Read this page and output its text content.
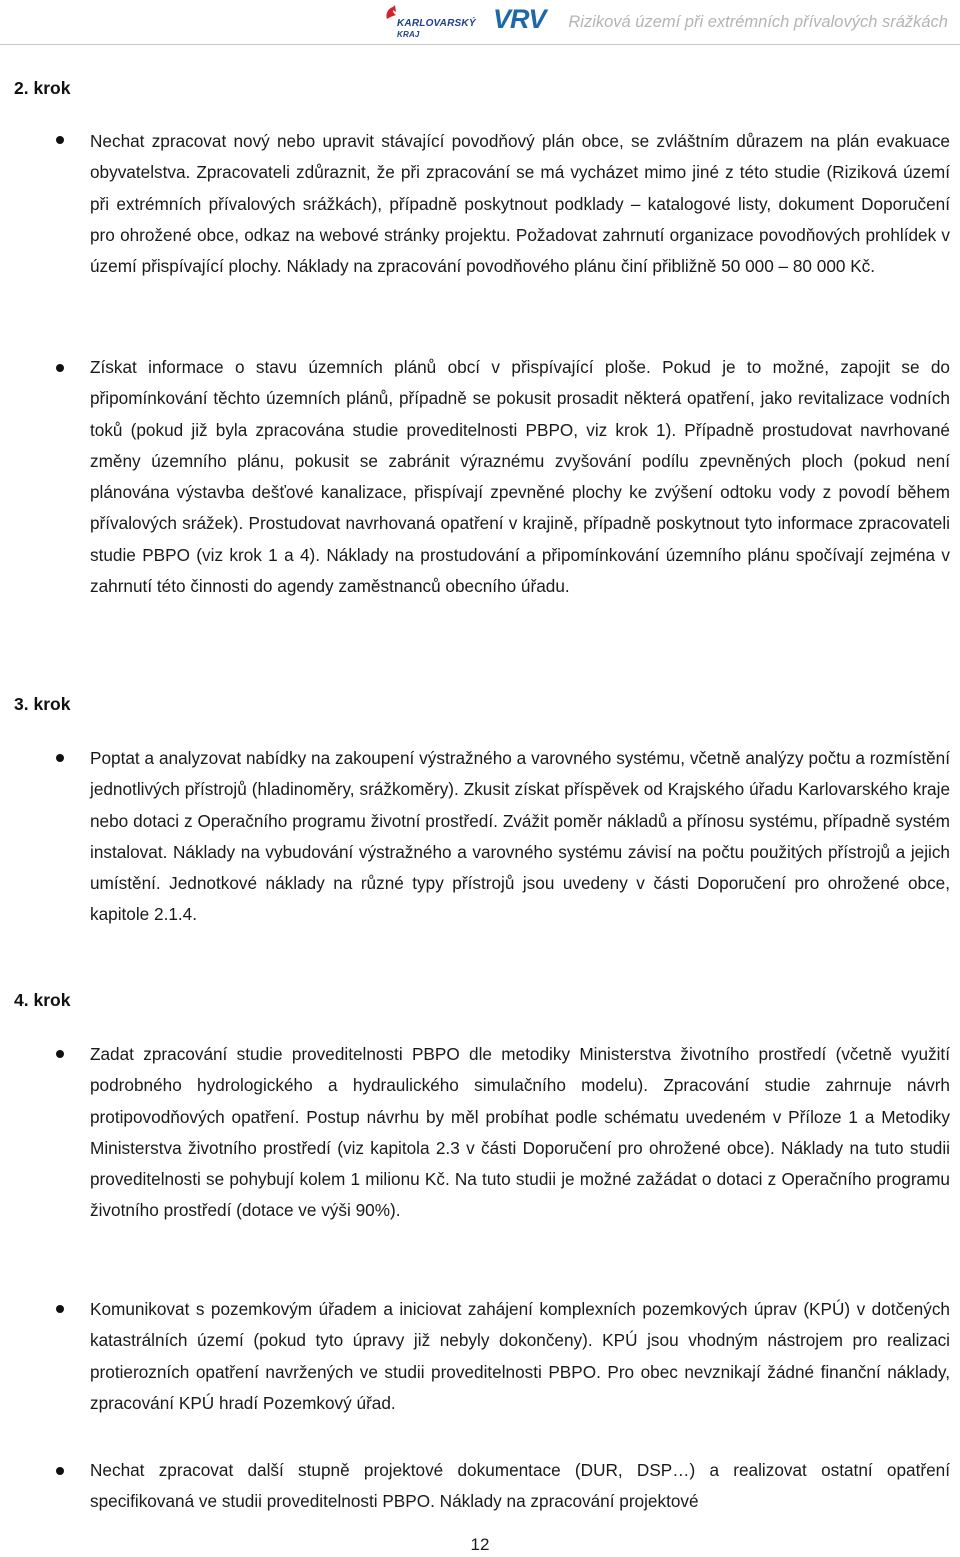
KARLOVARSKÝ
KRAJ
VRV Riziková území při extrémních přívalových srážkách
2. krok

Nechat zpracovat nový nebo upravit stávající povodňový plán obce, se zvláštním důrazem na plán evakuace obyvatelstva. Zpracovateli zdůraznit, že při zpracování se má vycházet mimo jiné z této studie (Riziková území při extrémních přívalových srážkách), případně poskytnout podklady – katalogové listy, dokument Doporučení pro ohrožené obce, odkaz na webové stránky projektu. Požadovat zahrnutí organizace povodňových prohlídek v území přispívající plochy. Náklady na zpracování povodňového plánu činí přibližně 50 000 – 80 000 Kč.

Získat informace o stavu územních plánů obcí v přispívající ploše. Pokud je to možné, zapojit se do připomínkování těchto územních plánů, případně se pokusit prosadit některá opatření, jako revitalizace vodních toků (pokud již byla zpracována studie proveditelnosti PBPO, viz krok 1). Případně prostudovat navrhované změny územního plánu, pokusit se zabránit výraznému zvyšování podílu zpevněných ploch (pokud není plánována výstavba dešťové kanalizace, přispívají zpevněné plochy ke zvýšení odtoku vody z povodí během přívalových srážek). Prostudovat navrhovaná opatření v krajině, případně poskytnout tyto informace zpracovateli studie PBPO (viz krok 1 a 4). Náklady na prostudování a připomínkování územního plánu spočívají zejména v zahrnutí této činnosti do agendy zaměstnanců obecního úřadu.

3. krok

Poptat a analyzovat nabídky na zakoupení výstražného a varovného systému, včetně analýzy počtu a rozmístění jednotlivých přístrojů (hladinoměry, srážkoměry). Zkusit získat příspěvek od Krajského úřadu Karlovarského kraje nebo dotaci z Operačního programu životní prostředí. Zvážit poměr nákladů a přínosu systému, případně systém instalovat. Náklady na vybudování výstražného a varovného systému závisí na počtu použitých přístrojů a jejich umístění. Jednotkové náklady na různé typy přístrojů jsou uvedeny v části Doporučení pro ohrožené obce, kapitole 2.1.4.

4. krok

Zadat zpracování studie proveditelnosti PBPO dle metodiky Ministerstva životního prostředí (včetně využití podrobného hydrologického a hydraulického simulačního modelu). Zpracování studie zahrnuje návrh protipovodňových opatření. Postup návrhu by měl probíhat podle schématu uvedeném v Příloze 1 a Metodiky Ministerstva životního prostředí (viz kapitola 2.3 v části Doporučení pro ohrožené obce). Náklady na tuto studii proveditelnosti se pohybují kolem 1 milionu Kč. Na tuto studii je možné zažádat o dotaci z Operačního programu životního prostředí (dotace ve výši 90%).

Komunikovat s pozemkovým úřadem a iniciovat zahájení komplexních pozemkových úprav (KPÚ) v dotčených katastrálních území (pokud tyto úpravy již nebyly dokončeny). KPÚ jsou vhodným nástrojem pro realizaci protierozních opatření navržených ve studii proveditelnosti PBPO. Pro obec nevznikají žádné finanční náklady, zpracování KPÚ hradí Pozemkový úřad.

Nechat zpracovat další stupně projektové dokumentace (DUR, DSP…) a realizovat ostatní opatření specifikovaná ve studii proveditelnosti PBPO. Náklady na zpracování projektové

12
